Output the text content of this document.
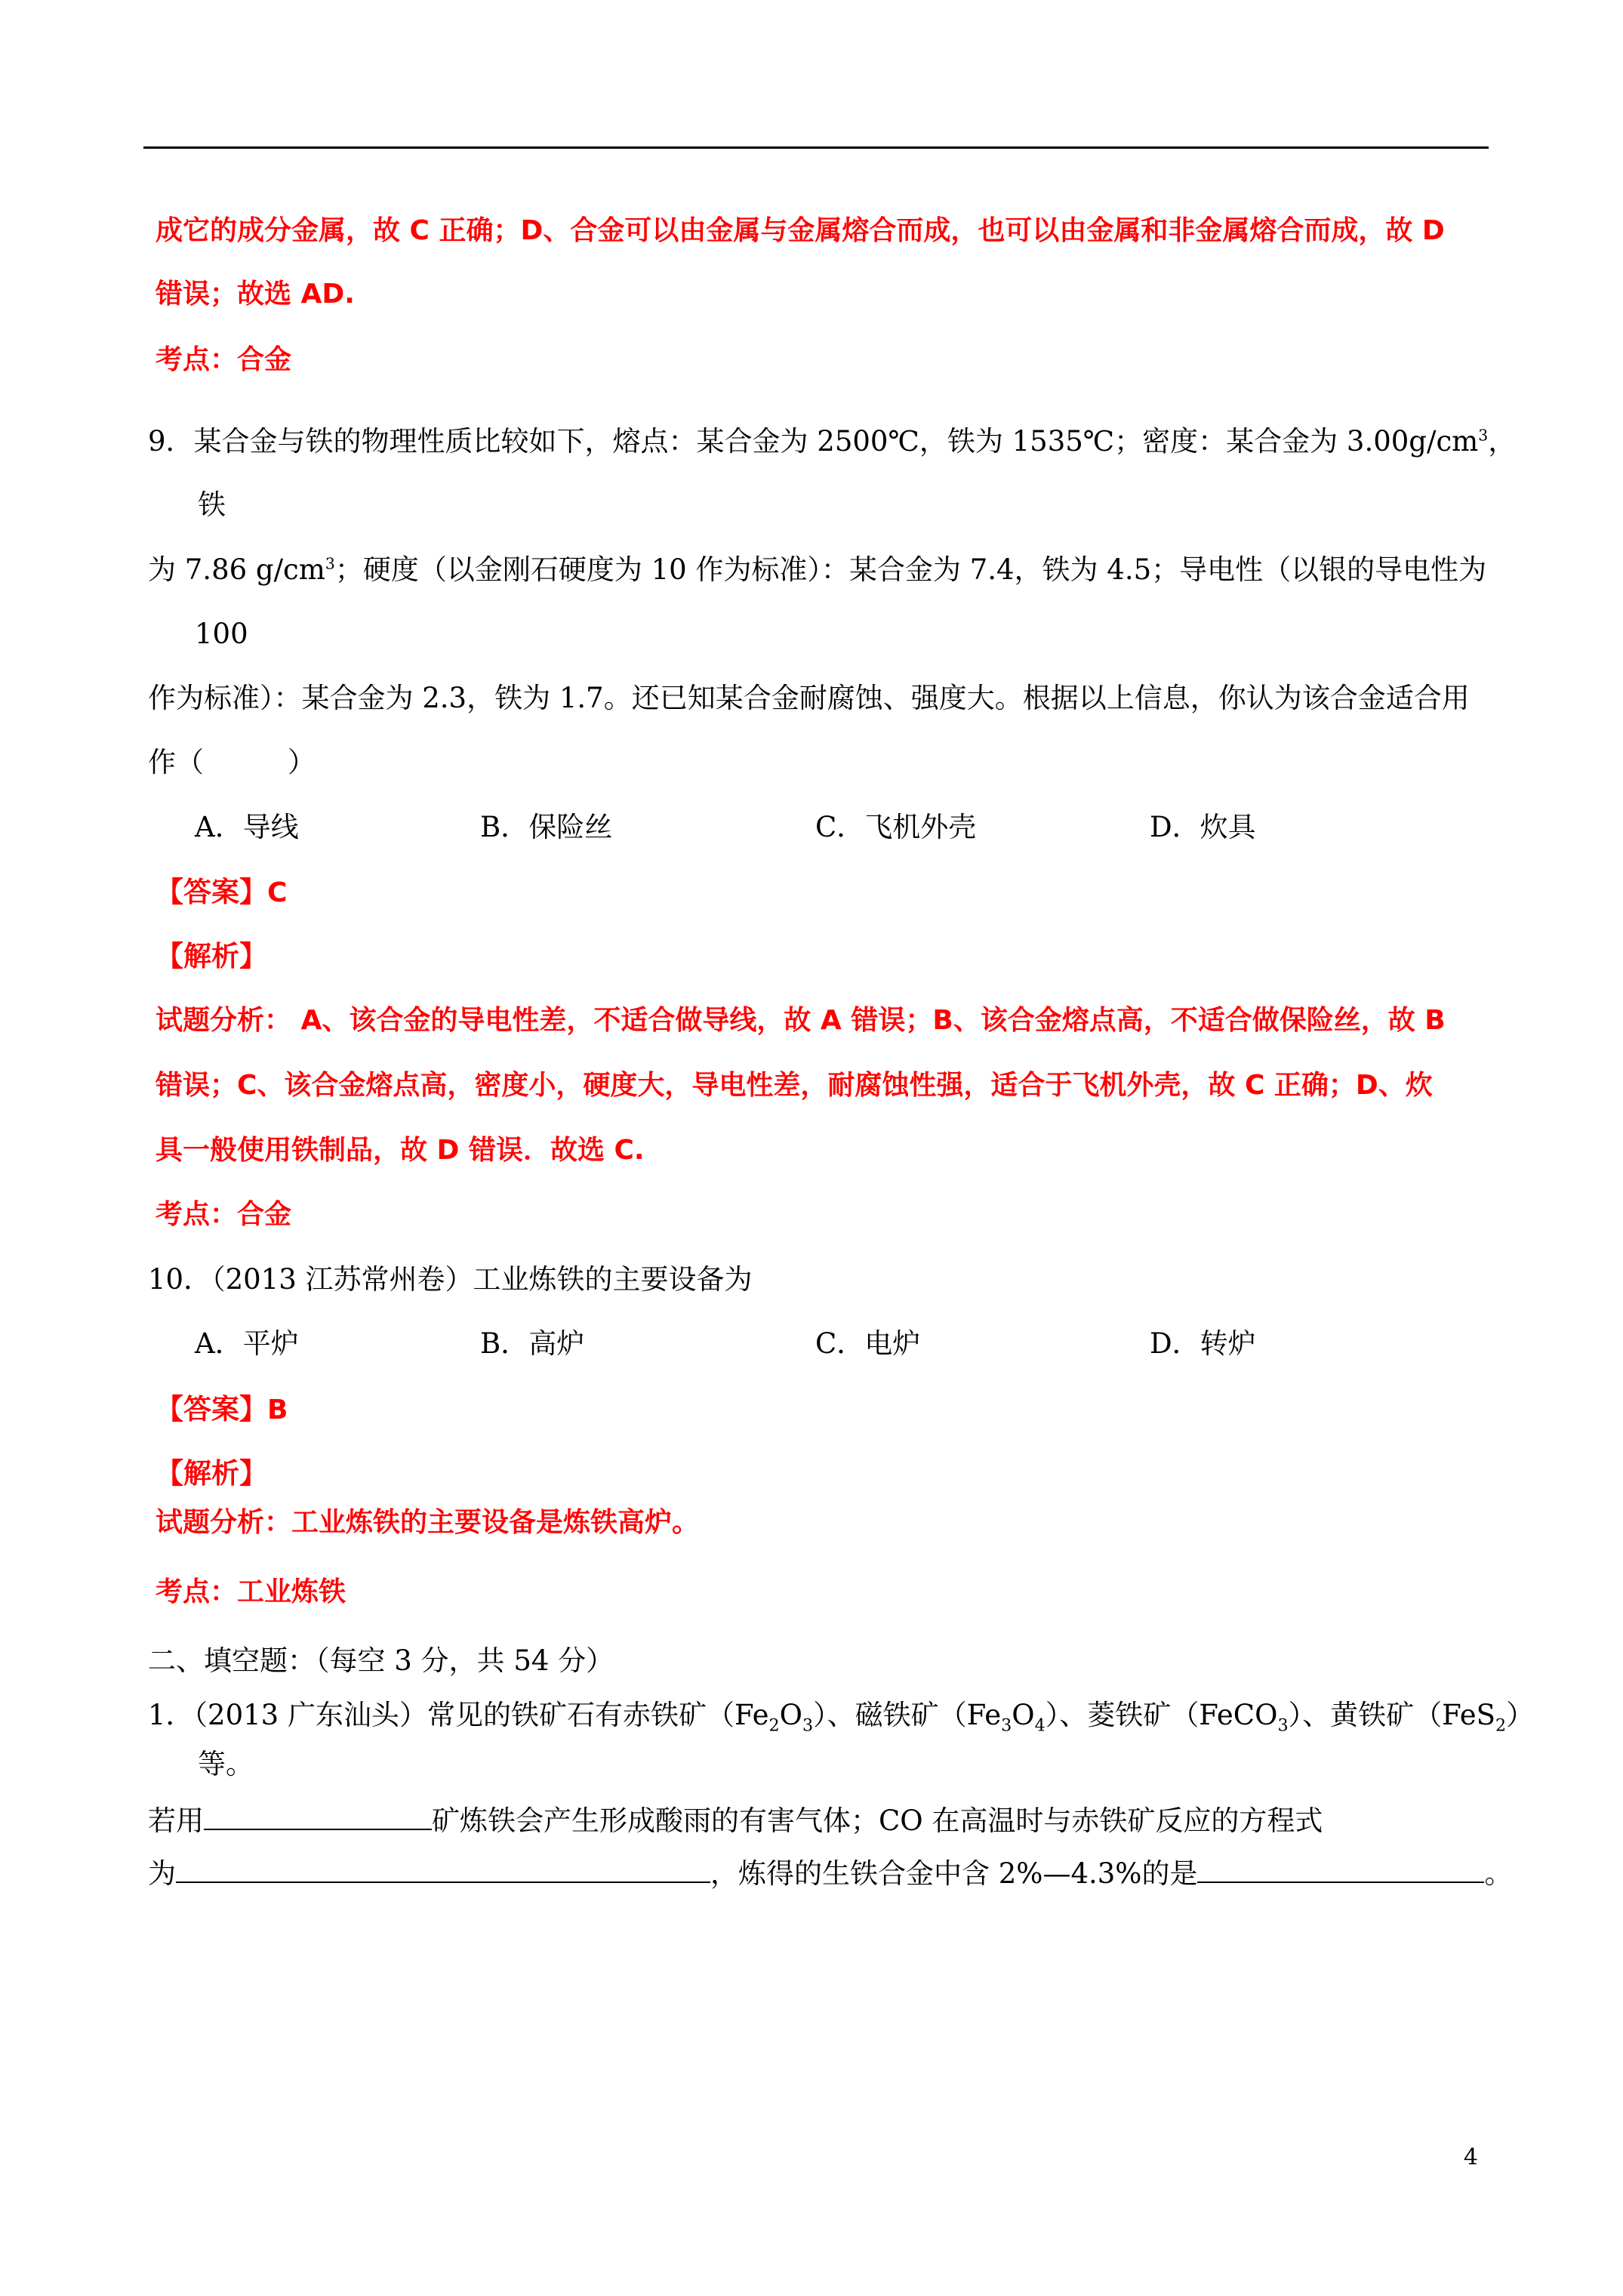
成它的成分金属，故 C 正确；D、合金可以由金属与金属熔合而成，也可以由金属和非金属熔合而成，故 D
错误；故选 AD.
考点：合金
9．某合金与铁的物理性质比较如下，熔点：某合金为 2500℃，铁为 1535℃；密度：某合金为 $3.00g/cm^3$，
铁
为 7.86 $g/cm^3$；硬度（以金刚石硬度为 10 作为标准）：某合金为 7.4，铁为 4.5；导电性（以银的导电性为
100
作为标准）：某合金为 2.3，铁为 1.7。还已知某合金耐腐蚀、强度大。根据以上信息，你认为该合金适合用
作（　　　）
A．导线	B．保险丝	C．飞机外壳	D．炊具
【答案】C
【解析】
试题分析： A、该合金的导电性差，不适合做导线，故 A 错误；B、该合金熔点高，不适合做保险丝，故 B
错误；C、该合金熔点高，密度小，硬度大，导电性差，耐腐蚀性强，适合于飞机外壳，故 C 正确；D、炊
具一般使用铁制品，故 D 错误．故选 C.
考点：合金
10．（2013 江苏常州卷）工业炼铁的主要设备为
A．平炉	B．高炉	C．电炉	D．转炉
【答案】B
【解析】
试题分析：工业炼铁的主要设备是炼铁高炉。
考点：工业炼铁
二、填空题：（每空 3 分，共 54 分）
1．（2013 广东汕头）常见的铁矿石有赤铁矿$(Fe_2O_3)$、磁铁矿$(Fe_3O_4)$、菱铁矿（FeCO$_3$）、黄铁矿（FeS$_2$）
等。
若用	矿炼铁会产生形成酸雨的有害气体；CO 在高温时与赤铁矿反应的方程式
为	，炼得的生铁合金中含 2%—4.3%的是	。
4
